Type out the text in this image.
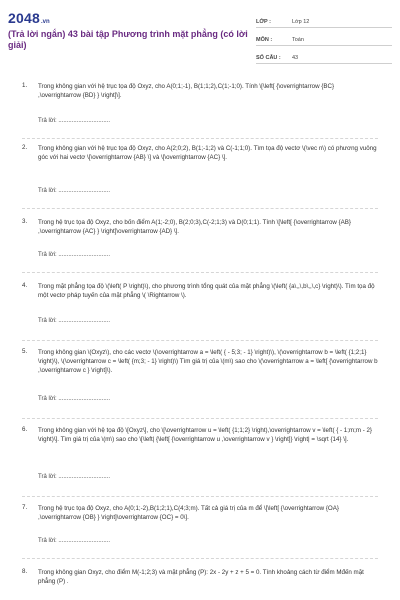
2048 .vn
(Trả lời ngắn) 43 bài tập Phương trình mặt phẳng (có lời giải)
LỚP :	Lớp 12
MÔN :	Toán
SỐ CÂU :	43
1. Trong không gian với hệ trục tọa độ Oxyz, cho A(0;1;-1), B(1;1;2),C(1;-1;0). Tính \[\left[ {\overrightarrow {BC} ,\overrightarrow {BD} } \right]\].
Trả lời: ...............................
2. Trong không gian với hệ trục tọa độ Oxyz, cho A(2;0;2), B(1;-1;2) và C(-1;1;0). Tìm tọa độ vectơ \(\vec n\) có phương vuông góc với hai vectơ \[\overrightarrow {AB} \] và \[\overrightarrow {AC} \].
Trả lời: ...............................
3. Trong hệ trục tọa độ Oxyz, cho bốn điểm A(1;-2;0), B(2;0;3),C(-2;1;3) và D(0;1;1). Tính \[\left[ {\overrightarrow {AB} ,\overrightarrow {AC} } \right]\overrightarrow {AD} \].
Trả lời: ...............................
4. Trong mặt phẳng tọa độ \(\left( P \right)\), cho phương trình tổng quát của mặt phẳng \(\left( {a\,,\,b\,,\,c} \right)\). Tìm tọa độ một vectơ pháp tuyến của mặt phẳng \( \Rightarrow \).
Trả lời: ...............................
5. Trong không gian \(Oxyz\), cho các vectơ \(\overrightarrow a = \left( { - 5;3; - 1} \right)\), \(\overrightarrow b = \left( {1;2;1} \right)\), \(\overrightarrow c = \left( {m;3; - 1} \right)\) Tìm giá trị của \(m\) sao cho \(\overrightarrow a = \left[ {\overrightarrow b ,\overrightarrow c } \right]\).
Trả lời: ...............................
6. Trong không gian với hệ tọa độ \[Oxyz\], cho \[\overrightarrow u = \left( {1;1;2} \right),\overrightarrow v = \left( { - 1;m;m - 2} \right)\]. Tìm giá trị của \(m\) sao cho \[\left| {\left[ {\overrightarrow u ,\overrightarrow v } \right]} \right| = \sqrt {14} \].
Trả lời: ...............................
7. Trong hệ trục tọa độ Oxyz, cho A(0;1;-2),B(1;2;1),C(4;3;m). Tất cả giá trị của m để \[\left[ {\overrightarrow {OA} ,\overrightarrow {OB} } \right]\overrightarrow {OC} = 0\].
Trả lời: ...............................
8. Trong không gian Oxyz, cho điểm M(-1;2;3) và mặt phẳng (P): 2x - 2y + z + 5 = 0. Tính khoảng cách từ điểm Mđến mặt phẳng (P) .
